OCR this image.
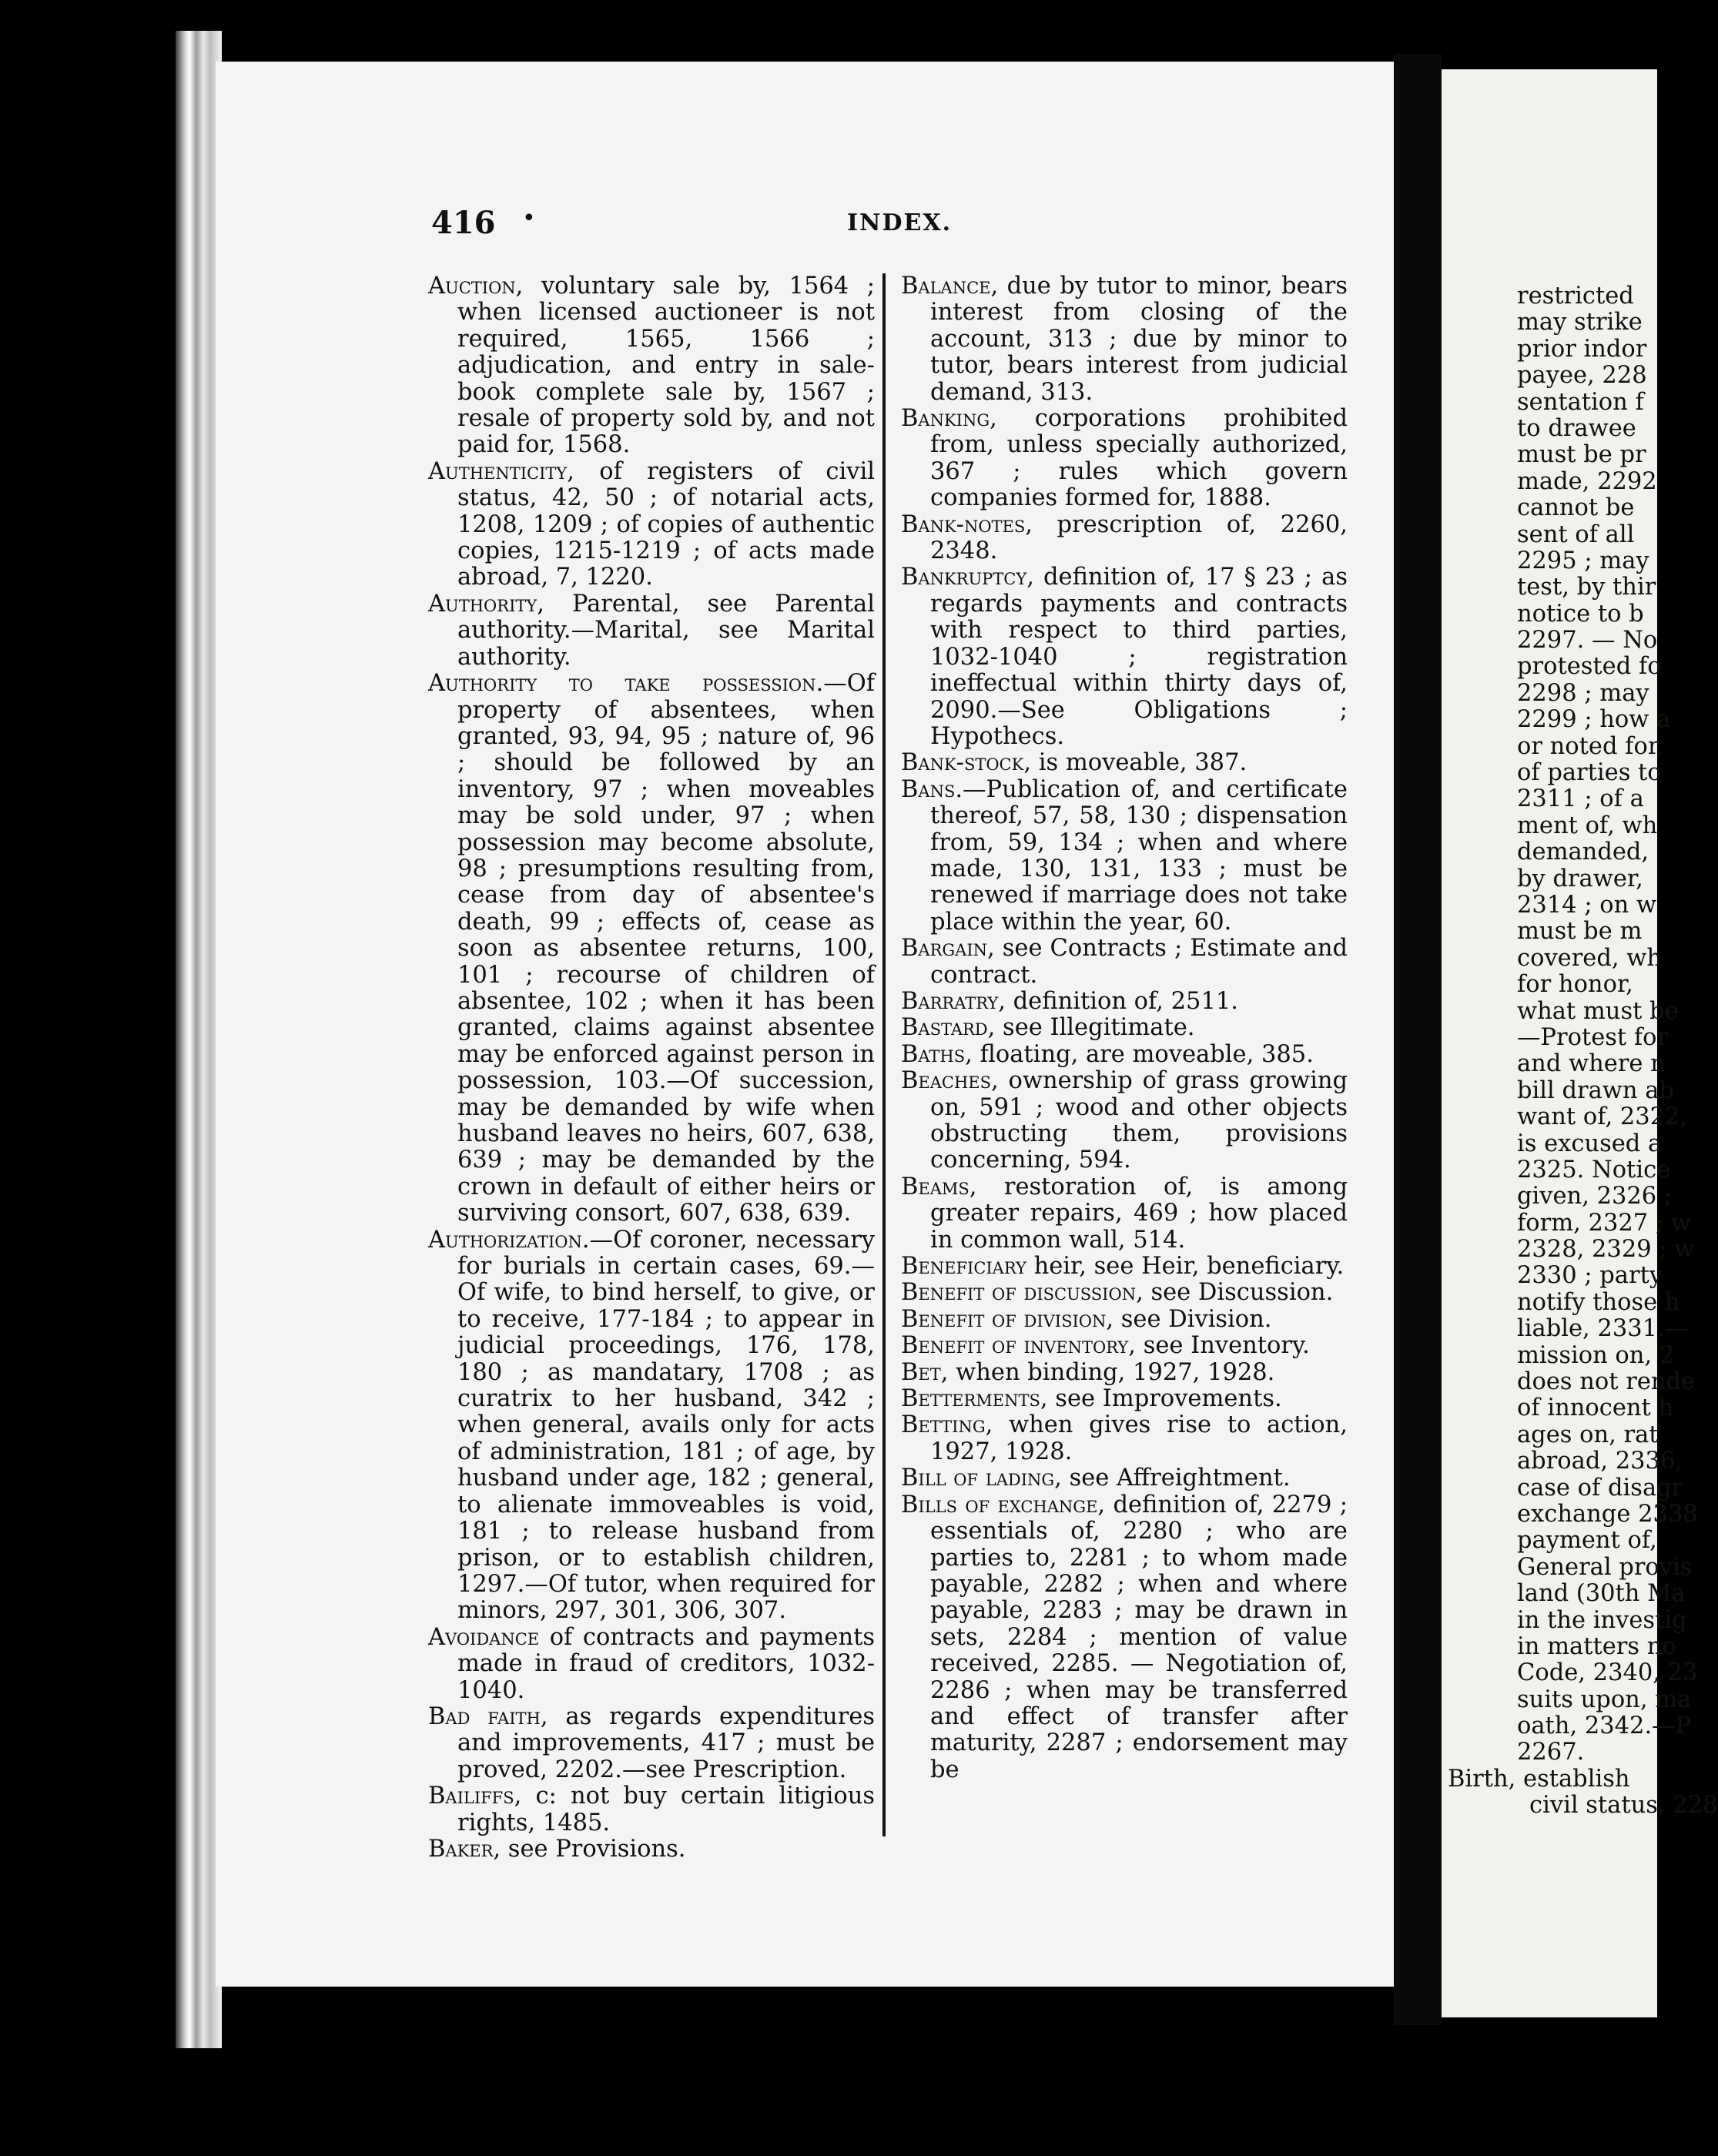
416 •	INDEX.

Auction, voluntary sale by, 1564 ; when licensed auctioneer is not required, 1565, 1566 ; adjudication, and entry in sale-book complete sale by, 1567 ; resale of property sold by, and not paid for, 1568.

Authenticity, of registers of civil status, 42, 50 ; of notarial acts, 1208, 1209 ; of copies of authentic copies, 1215-1219 ; of acts made abroad, 7, 1220.

Authority, Parental, see Parental authority.—Marital, see Marital authority.

Authority to take possession.—Of property of absentees, when granted, 93, 94, 95 ; nature of, 96 ; should be followed by an inventory, 97 ; when moveables may be sold under, 97 ; when possession may become absolute, 98 ; presumptions resulting from, cease from day of absentee's death, 99 ; effects of, cease as soon as absentee returns, 100, 101 ; recourse of children of absentee, 102 ; when it has been granted, claims against absentee may be enforced against person in possession, 103.—Of succession, may be demanded by wife when husband leaves no heirs, 607, 638, 639 ; may be demanded by the crown in default of either heirs or surviving consort, 607, 638, 639.

Authorization.—Of coroner, necessary for burials in certain cases, 69.—Of wife, to bind herself, to give, or to receive, 177-184 ; to appear in judicial proceedings, 176, 178, 180 ; as mandatary, 1708 ; as curatrix to her husband, 342 ; when general, avails only for acts of administration, 181 ; of age, by husband under age, 182 ; general, to alienate immoveables is void, 181 ; to release husband from prison, or to establish children, 1297.—Of tutor, when required for minors, 297, 301, 306, 307.

Avoidance of contracts and payments made in fraud of creditors, 1032-1040.

Bad faith, as regards expenditures and improvements, 417 ; must be proved, 2202.—see Prescription.

Bailiffs, c: not buy certain litigious rights, 1485.

Baker, see Provisions.

Balance, due by tutor to minor, bears interest from closing of the account, 313 ; due by minor to tutor, bears interest from judicial demand, 313.

Banking, corporations prohibited from, unless specially authorized, 367 ; rules which govern companies formed for, 1888.

Bank-notes, prescription of, 2260, 2348.

Bankruptcy, definition of, 17 § 23 ; as regards payments and contracts with respect to third parties, 1032-1040 ; registration ineffectual within thirty days of, 2090.—See Obligations ; Hypothecs.

Bank-stock, is moveable, 387.

Bans.—Publication of, and certificate thereof, 57, 58, 130 ; dispensation from, 59, 134 ; when and where made, 130, 131, 133 ; must be renewed if marriage does not take place within the year, 60.

Bargain, see Contracts ; Estimate and contract.

Barratry, definition of, 2511.

Bastard, see Illegitimate.

Baths, floating, are moveable, 385.

Beaches, ownership of grass growing on, 591 ; wood and other objects obstructing them, provisions concerning, 594.

Beams, restoration of, is among greater repairs, 469 ; how placed in common wall, 514.

Beneficiary heir, see Heir, beneficiary.

Benefit of discussion, see Discussion.

Benefit of division, see Division.

Benefit of inventory, see Inventory.

Bet, when binding, 1927, 1928.

Betterments, see Improvements.

Betting, when gives rise to action, 1927, 1928.

Bill of lading, see Affreightment.

Bills of exchange, definition of, 2279 ; essentials of, 2280 ; who are parties to, 2281 ; to whom made payable, 2282 ; when and where payable, 2283 ; may be drawn in sets, 2284 ; mention of value received, 2285. — Negotiation of, 2286 ; when may be transferred and effect of transfer after maturity, 2287 ; endorsement may be

restricted
may strike
prior indor
payee, 228
sentation f
to drawee
must be pr
made, 2292
cannot be
sent of all
2295 ; may
test, by thir
notice to b
2297. — No
protested fo
2298 ; may
2299 ; how a
or noted for,
of parties to
2311 ; of a
ment of, wh
demanded,
by drawer,
2314 ; on w
must be m
covered, wh
for honor,
what must be
—Protest for
and where n
bill drawn ab
want of, 2322,
is excused a
2325. Notice
given, 2326 ;
form, 2327 ; w
2328, 2329 ; w
2330 ; party
notify those h
liable, 2331.—
mission on, 2
does not rende
of innocent h
ages on, rat
abroad, 2336,
case of disagr
exchange 2338
payment of,
General provis
land (30th Ma
in the investig
in matters no
Code, 2340, 23
suits upon, ma
oath, 2342.—P
2267.
Birth, establish
civil status, 228
